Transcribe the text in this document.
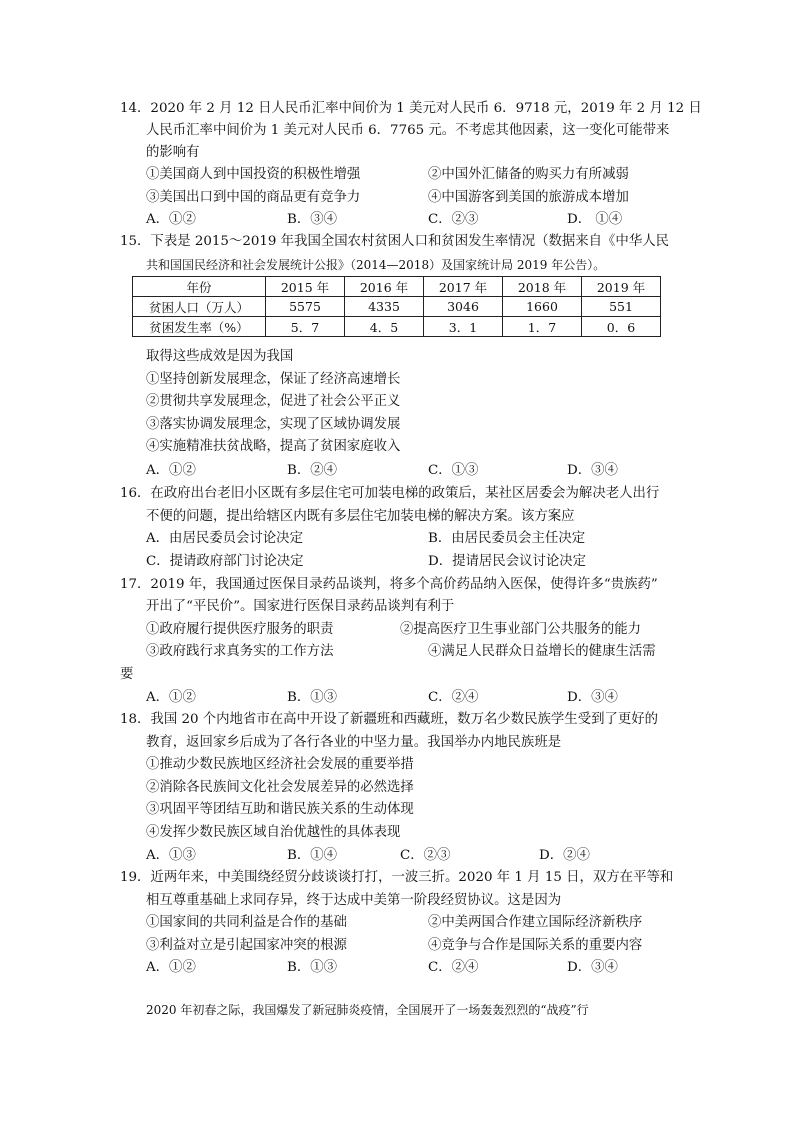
14．2020 年 2 月 12 日人民币汇率中间价为 1 美元对人民币 6．9718 元，2019 年 2 月 12 日
人民币汇率中间价为 1 美元对人民币 6．7765 元。不考虑其他因素，这一变化可能带来
的影响有
①美国商人到中国投资的积极性增强	②中国外汇储备的购买力有所减弱
③美国出口到中国的商品更有竞争力	④中国游客到美国的旅游成本增加
A．①②	B．③④	C．②③	D． ①④
15．下表是 2015～2019 年我国全国农村贫困人口和贫困发生率情况（数据来自《中华人民
共和国国民经济和社会发展统计公报》（2014—2018）及国家统计局 2019 年公告）。
年份	2015 年	2016 年	2017 年	2018 年	2019 年
贫困人口（万人）	5575	4335	3046	1660	551
贫困发生率（%）	5．7	4．5	3．1	1．7	0．6
取得这些成效是因为我国
①坚持创新发展理念，保证了经济高速增长
②贯彻共享发展理念，促进了社会公平正义
③落实协调发展理念，实现了区域协调发展
④实施精准扶贫战略，提高了贫困家庭收入
A．①②	B．②④	C．①③	D．③④
16．在政府出台老旧小区既有多层住宅可加装电梯的政策后，某社区居委会为解决老人出行
不便的问题，提出给辖区内既有多层住宅加装电梯的解决方案。该方案应
A．由居民委员会讨论决定	B．由居民委员会主任决定
C．提请政府部门讨论决定	D．提请居民会议讨论决定
17．2019 年，我国通过医保目录药品谈判，将多个高价药品纳入医保，使得许多“贵族药”
开出了“平民价”。国家进行医保目录药品谈判有利于
①政府履行提供医疗服务的职责	②提高医疗卫生事业部门公共服务的能力
③政府践行求真务实的工作方法	④满足人民群众日益增长的健康生活需
要
A．①②	B．①③	C．②④	D．③④
18．我国 20 个内地省市在高中开设了新疆班和西藏班，数万名少数民族学生受到了更好的
教育，返回家乡后成为了各行各业的中坚力量。我国举办内地民族班是
①推动少数民族地区经济社会发展的重要举措
②消除各民族间文化社会发展差异的必然选择
③巩固平等团结互助和谐民族关系的生动体现
④发挥少数民族区域自治优越性的具体表现
A．①③	B．①④	C．②③	D．②④
19．近两年来，中美围绕经贸分歧谈谈打打，一波三折。2020 年 1 月 15 日，双方在平等和
相互尊重基础上求同存异，终于达成中美第一阶段经贸协议。这是因为
①国家间的共同利益是合作的基础	②中美两国合作建立国际经济新秩序
③利益对立是引起国家冲突的根源	④竞争与合作是国际关系的重要内容
A．①②	B．①③	C．②④	D．③④
2020 年初春之际，我国爆发了新冠肺炎疫情，全国展开了一场轰轰烈烈的“战疫”行
